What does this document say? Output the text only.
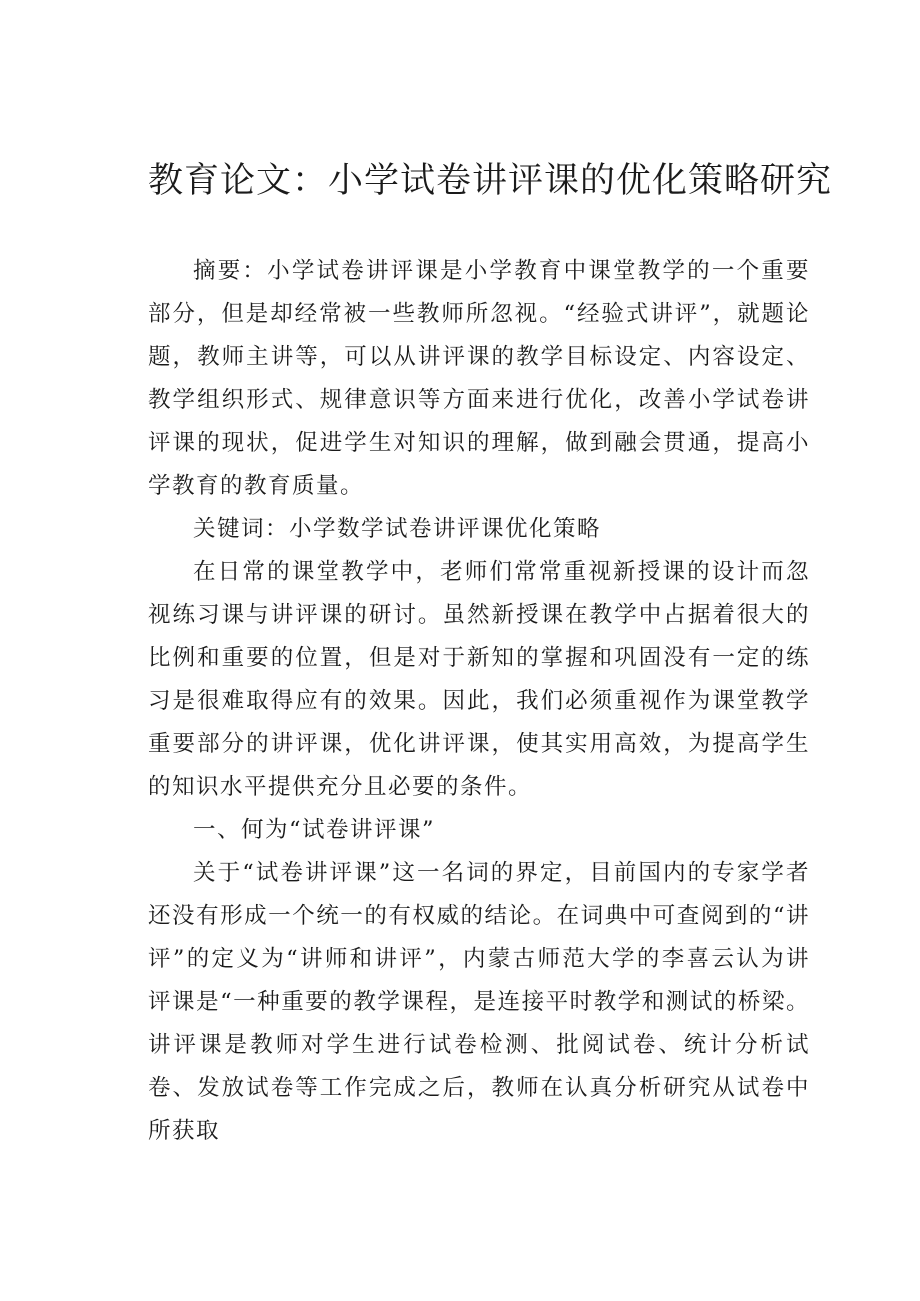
教育论文：小学试卷讲评课的优化策略研究

摘要：小学试卷讲评课是小学教育中课堂教学的一个重要部分，但是却经常被一些教师所忽视。“经验式讲评”，就题论题，教师主讲等，可以从讲评课的教学目标设定、内容设定、教学组织形式、规律意识等方面来进行优化，改善小学试卷讲评课的现状，促进学生对知识的理解，做到融会贯通，提高小学教育的教育质量。

关键词：小学数学试卷讲评课优化策略

在日常的课堂教学中，老师们常常重视新授课的设计而忽视练习课与讲评课的研讨。虽然新授课在教学中占据着很大的比例和重要的位置，但是对于新知的掌握和巩固没有一定的练习是很难取得应有的效果。因此，我们必须重视作为课堂教学重要部分的讲评课，优化讲评课，使其实用高效，为提高学生的知识水平提供充分且必要的条件。

一、何为“试卷讲评课”

关于“试卷讲评课”这一名词的界定，目前国内的专家学者还没有形成一个统一的有权威的结论。在词典中可查阅到的“讲评”的定义为“讲师和讲评”，内蒙古师范大学的李喜云认为讲评课是“一种重要的教学课程，是连接平时教学和测试的桥梁。讲评课是教师对学生进行试卷检测、批阅试卷、统计分析试卷、发放试卷等工作完成之后，教师在认真分析研究从试卷中所获取
